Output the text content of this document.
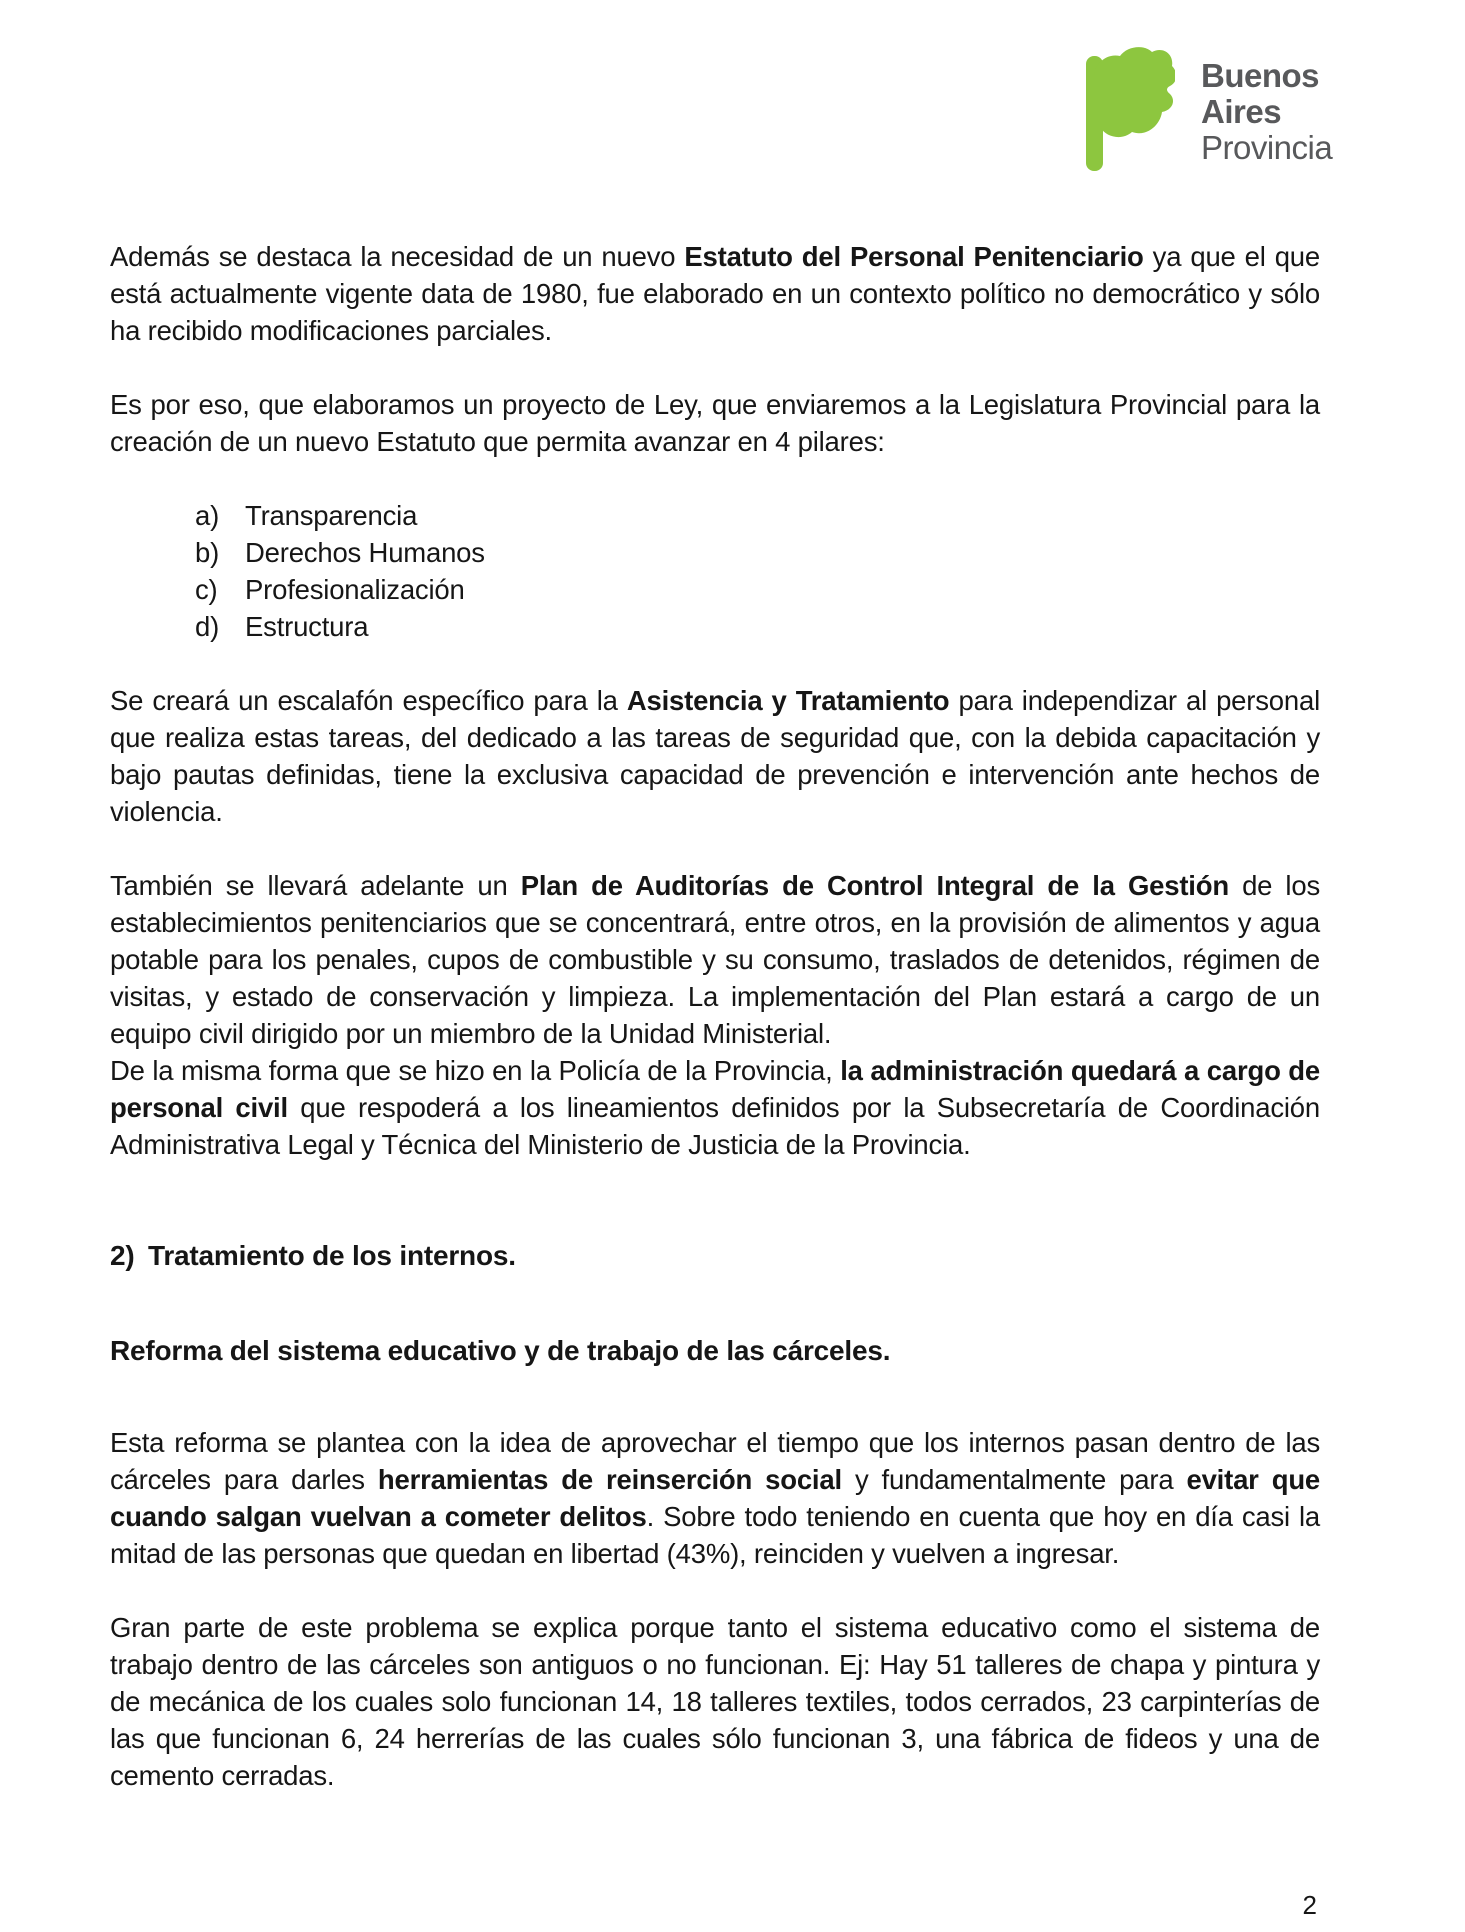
Buenos
Aires
Provincia

Además se destaca la necesidad de un nuevo Estatuto del Personal Penitenciario ya que el que está actualmente vigente data de 1980, fue elaborado en un contexto político no democrático y sólo ha recibido modificaciones parciales.

Es por eso, que elaboramos un proyecto de Ley, que enviaremos a la Legislatura Provincial para la creación de un nuevo Estatuto que permita avanzar en 4 pilares:

a) Transparencia
b) Derechos Humanos
c) Profesionalización
d) Estructura

Se creará un escalafón específico para la Asistencia y Tratamiento para independizar al personal que realiza estas tareas, del dedicado a las tareas de seguridad que, con la debida capacitación y bajo pautas definidas, tiene la exclusiva capacidad de prevención e intervención ante hechos de violencia.

También se llevará adelante un Plan de Auditorías de Control Integral de la Gestión de los establecimientos penitenciarios que se concentrará, entre otros, en la provisión de alimentos y agua potable para los penales, cupos de combustible y su consumo, traslados de detenidos, régimen de visitas, y estado de conservación y limpieza. La implementación del Plan estará a cargo de un equipo civil dirigido por un miembro de la Unidad Ministerial.

De la misma forma que se hizo en la Policía de la Provincia, la administración quedará a cargo de personal civil que respoderá a los lineamientos definidos por la Subsecretaría de Coordinación Administrativa Legal y Técnica del Ministerio de Justicia de la Provincia.

2) Tratamiento de los internos.
Reforma del sistema educativo y de trabajo de las cárceles.

Esta reforma se plantea con la idea de aprovechar el tiempo que los internos pasan dentro de las cárceles para darles herramientas de reinserción social y fundamentalmente para evitar que cuando salgan vuelvan a cometer delitos. Sobre todo teniendo en cuenta que hoy en día casi la mitad de las personas que quedan en libertad (43%), reinciden y vuelven a ingresar.

Gran parte de este problema se explica porque tanto el sistema educativo como el sistema de trabajo dentro de las cárceles son antiguos o no funcionan. Ej: Hay 51 talleres de chapa y pintura y de mecánica de los cuales solo funcionan 14, 18 talleres textiles, todos cerrados, 23 carpinterías de las que funcionan 6, 24 herrerías de las cuales sólo funcionan 3, una fábrica de fideos y una de cemento cerradas.

2
